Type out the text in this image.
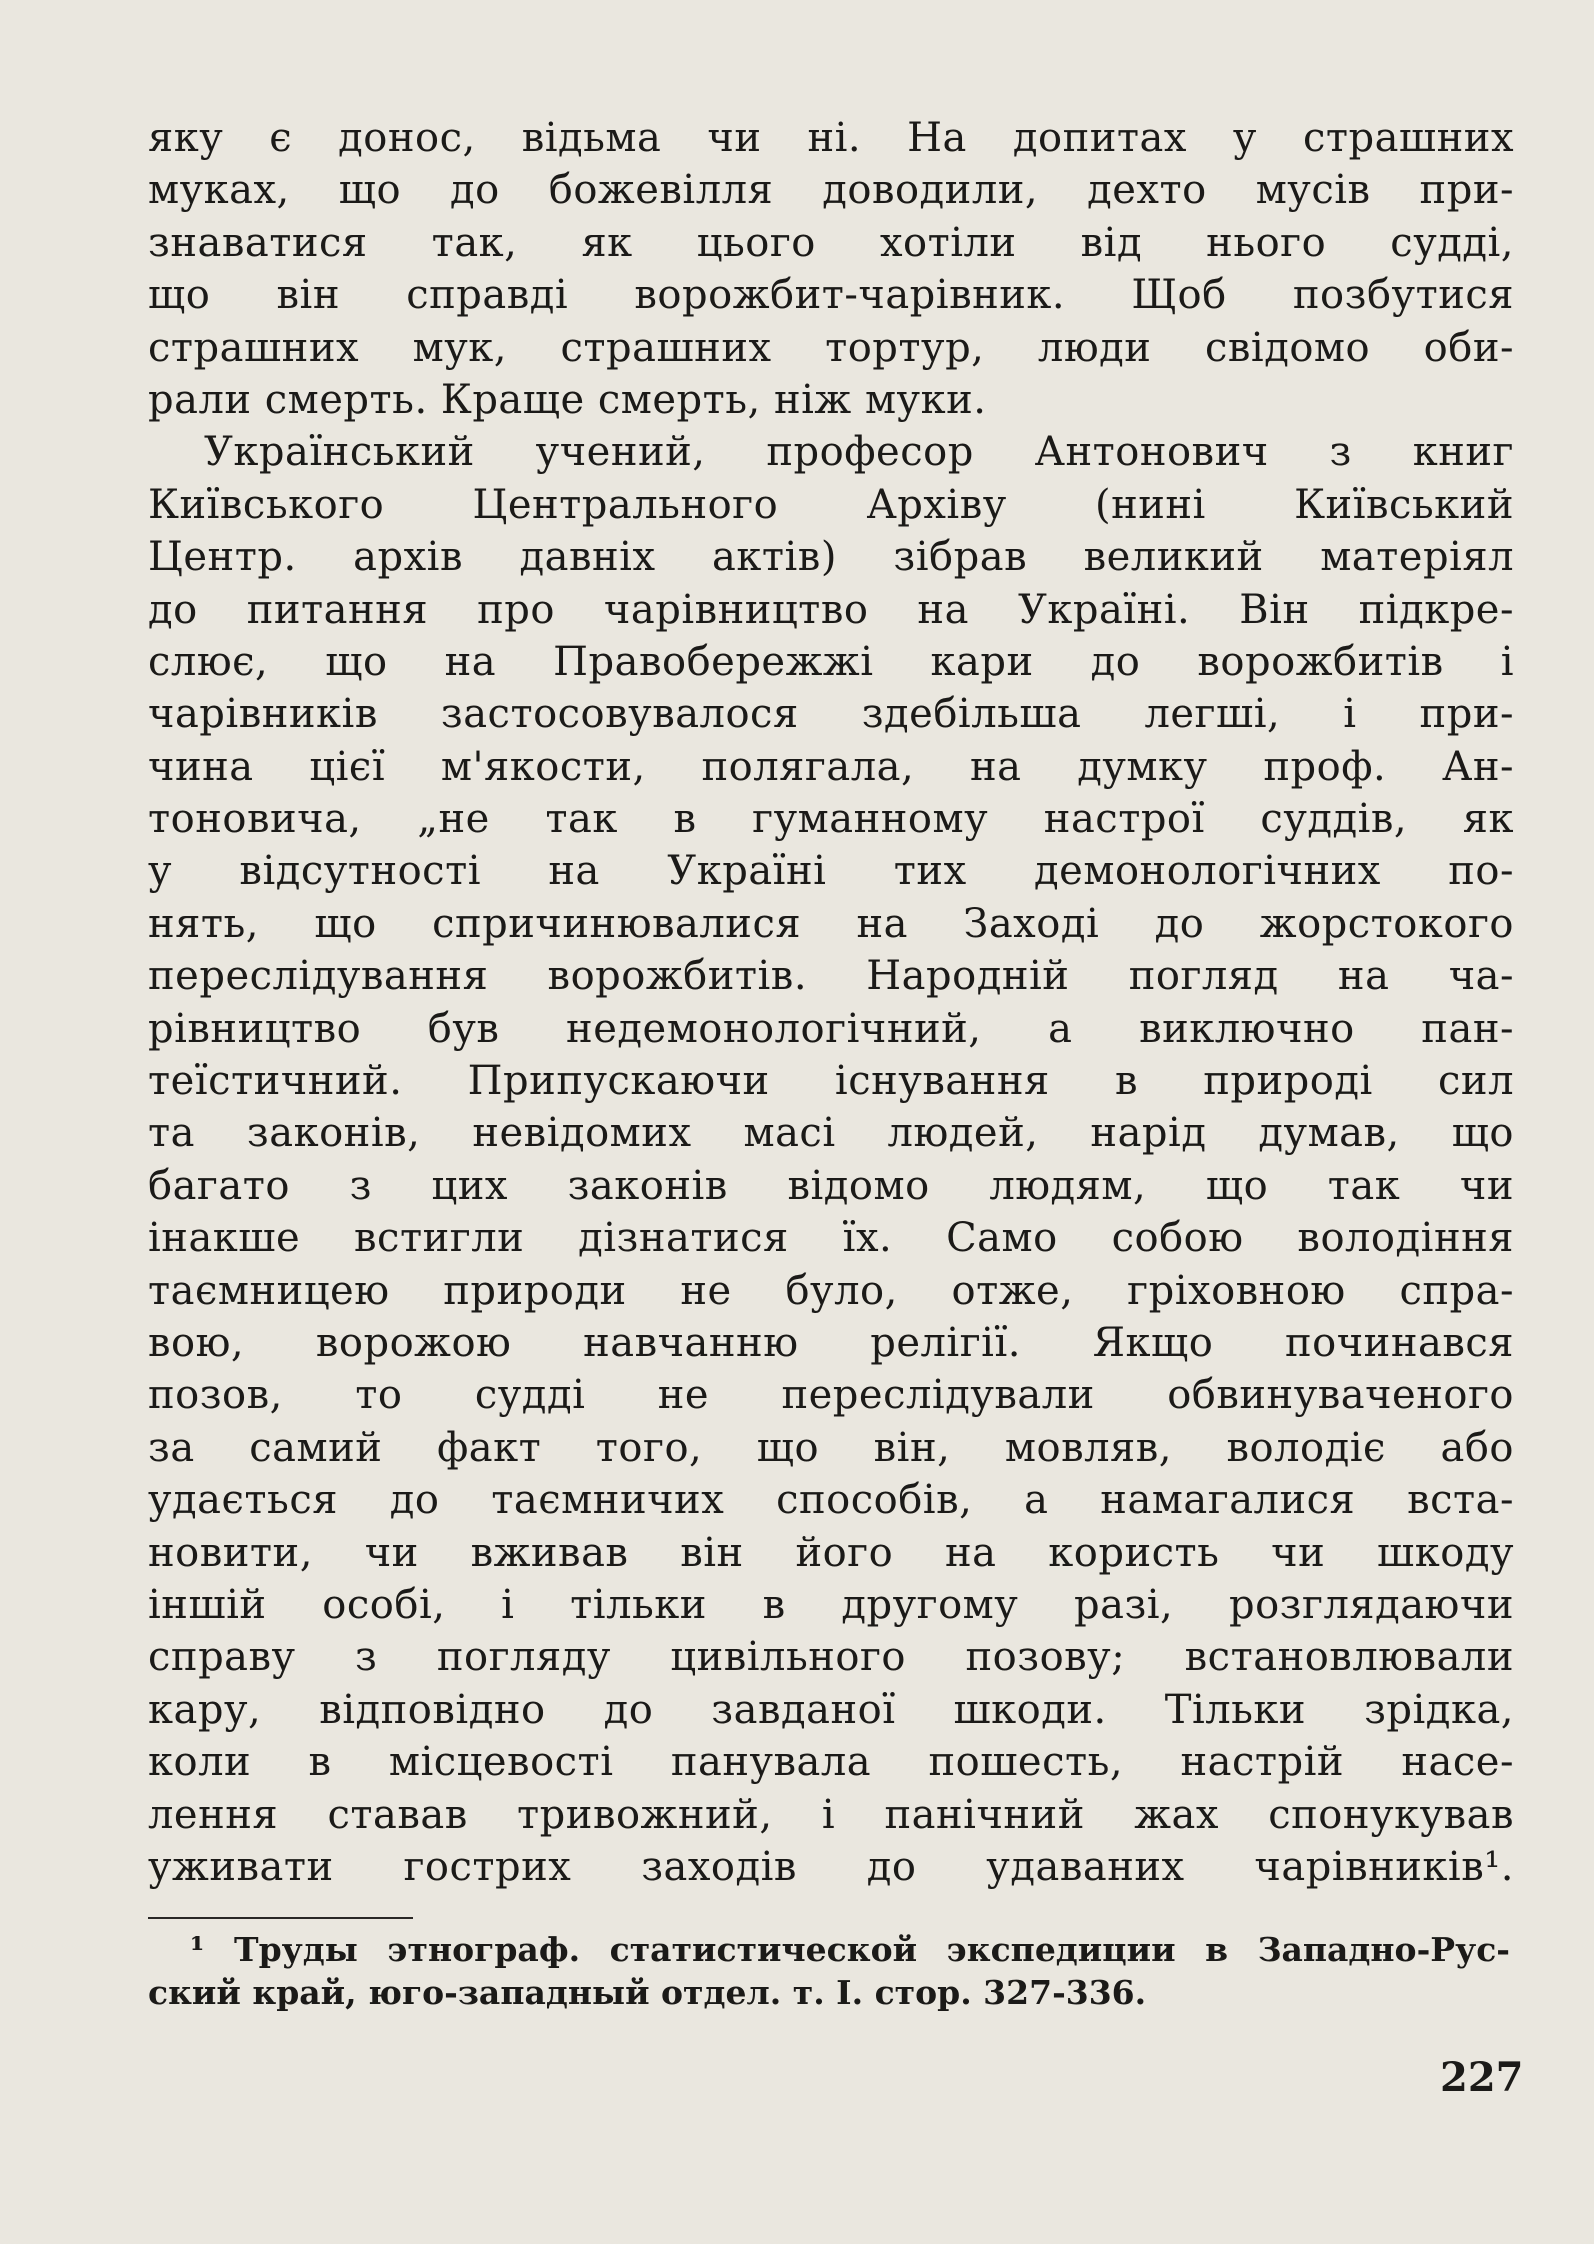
яку є донос, відьма чи ні. На допитах у страшних
муках, що до божевілля доводили, дехто мусів при-
знаватися так, як цього хотіли від нього судді,
що він справді ворожбит-чарівник. Щоб позбутися
страшних мук, страшних тортур, люди свідомо оби-
рали смерть. Краще смерть, ніж муки.
Український учений, професор Антонович з книг
Київського Центрального Архіву (нині Київський
Центр. архів давніх актів) зібрав великий матеріял
до питання про чарівництво на Україні. Він підкре-
слює, що на Правобережжі кари до ворожбитів і
чарівників застосовувалося здебільша легші, і при-
чина цієї м'якости, полягала, на думку проф. Ан-
тоновича, „не так в гуманному настрої суддів, як
у відсутності на Україні тих демонологічних по-
нять, що спричинювалися на Заході до жорстокого
переслідування ворожбитів. Народній погляд на ча-
рівництво був недемонологічний, а виключно пан-
теїстичний. Припускаючи існування в природі сил
та законів, невідомих масі людей, нарід думав, що
багато з цих законів відомо людям, що так чи
інакше встигли дізнатися їх. Само собою володіння
таємницею природи не було, отже, гріховною спра-
вою, ворожою навчанню релігії. Якщо починався
позов, то судді не переслідували обвинуваченого
за самий факт того, що він, мовляв, володіє або
удається до таємничих способів, а намагалися вста-
новити, чи вживав він його на користь чи шкоду
іншій особі, і тільки в другому разі, розглядаючи
справу з погляду цивільного позову; встановлювали
кару, відповідно до завданої шкоди. Тільки зрідка,
коли в місцевості панувала пошесть, настрій насе-
лення ставав тривожний, і панічний жах спонукував
уживати гострих заходів до удаваних чарівників¹.
¹ Труды этнограф. статистической экспедиции в Западно-Рус-
ский край, юго-западный отдел. т. I. стор. 327-336.
227
